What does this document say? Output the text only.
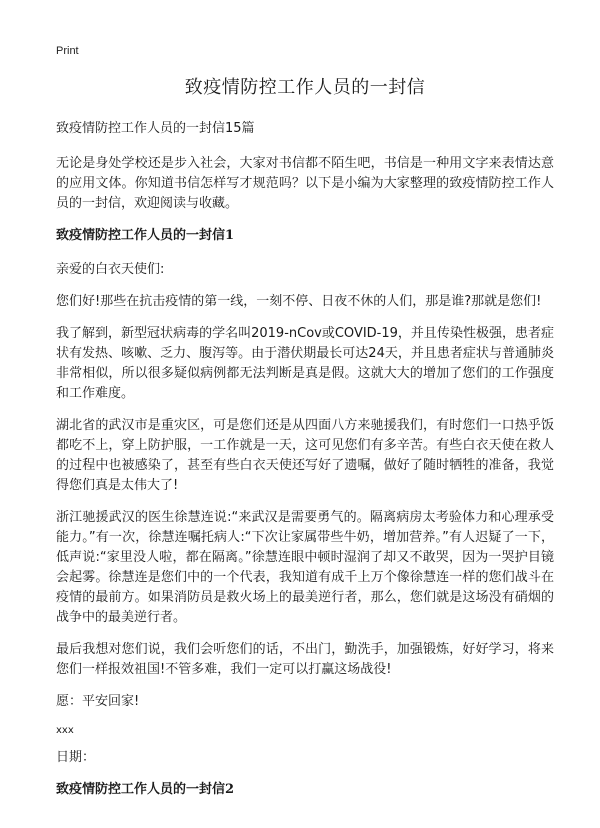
Print
致疫情防控工作人员的一封信
致疫情防控工作人员的一封信15篇

无论是身处学校还是步入社会，大家对书信都不陌生吧，书信是一种用文字来表情达意的应用文体。你知道书信怎样写才规范吗？以下是小编为大家整理的致疫情防控工作人员的一封信，欢迎阅读与收藏。

致疫情防控工作人员的一封信1

亲爱的白衣天使们:

您们好!那些在抗击疫情的第一线，一刻不停、日夜不休的人们，那是谁?那就是您们!

我了解到，新型冠状病毒的学名叫2019-nCov或COVID-19，并且传染性极强，患者症状有发热、咳嗽、乏力、腹泻等。由于潜伏期最长可达24天，并且患者症状与普通肺炎非常相似，所以很多疑似病例都无法判断是真是假。这就大大的增加了您们的工作强度和工作难度。

湖北省的武汉市是重灾区，可是您们还是从四面八方来驰援我们，有时您们一口热乎饭都吃不上，穿上防护服，一工作就是一天，这可见您们有多辛苦。有些白衣天使在救人的过程中也被感染了，甚至有些白衣天使还写好了遗嘱，做好了随时牺牲的准备，我觉得您们真是太伟大了!

浙江驰援武汉的医生徐慧连说:“来武汉是需要勇气的。隔离病房太考验体力和心理承受能力。”有一次，徐慧连嘱托病人:“下次让家属带些牛奶，增加营养。”有人迟疑了一下，低声说:“家里没人啦，都在隔离。”徐慧连眼中顿时湿润了却又不敢哭，因为一哭护目镜会起雾。徐慧连是您们中的一个代表，我知道有成千上万个像徐慧连一样的您们战斗在疫情的最前方。如果消防员是救火场上的最美逆行者，那么，您们就是这场没有硝烟的战争中的最美逆行者。

最后我想对您们说，我们会听您们的话，不出门，勤洗手，加强锻炼，好好学习，将来您们一样报效祖国!不管多难，我们一定可以打赢这场战役!

愿：平安回家!

xxx

日期：

致疫情防控工作人员的一封信2
